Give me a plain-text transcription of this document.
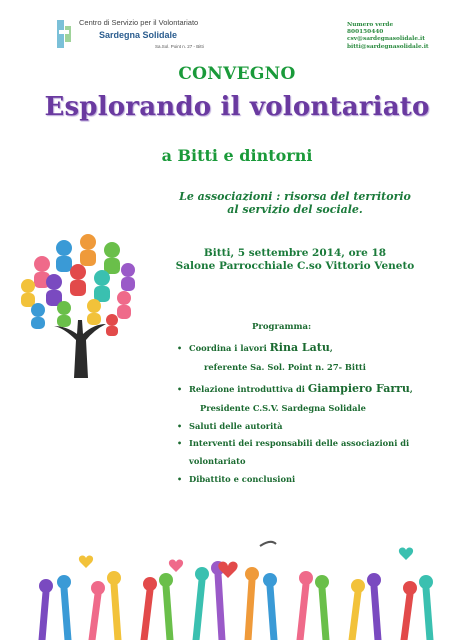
Centro di Servizio per il Volontariato
Sardegna Solidale
Sa.Sol. Point n. 27 - Bitti
Numero verde
800150440
csv@sardegnasolidale.it
bitti@sardegnasolidale.it
CONVEGNO
Esplorando il volontariato
a Bitti e dintorni
Le associazioni : risorsa del territorio
al servizio del sociale.
Bitti, 5 settembre 2014, ore 18
Salone Parrocchiale C.so Vittorio Veneto
Programma:
• Coordina i lavori Rina Latu,
referente Sa. Sol. Point n. 27- Bitti
• Relazione introduttiva di Giampiero Farru,
Presidente C.S.V. Sardegna Solidale
• Saluti delle autorità
• Interventi dei responsabili delle associazioni di
volontariato
• Dibattito e conclusioni
